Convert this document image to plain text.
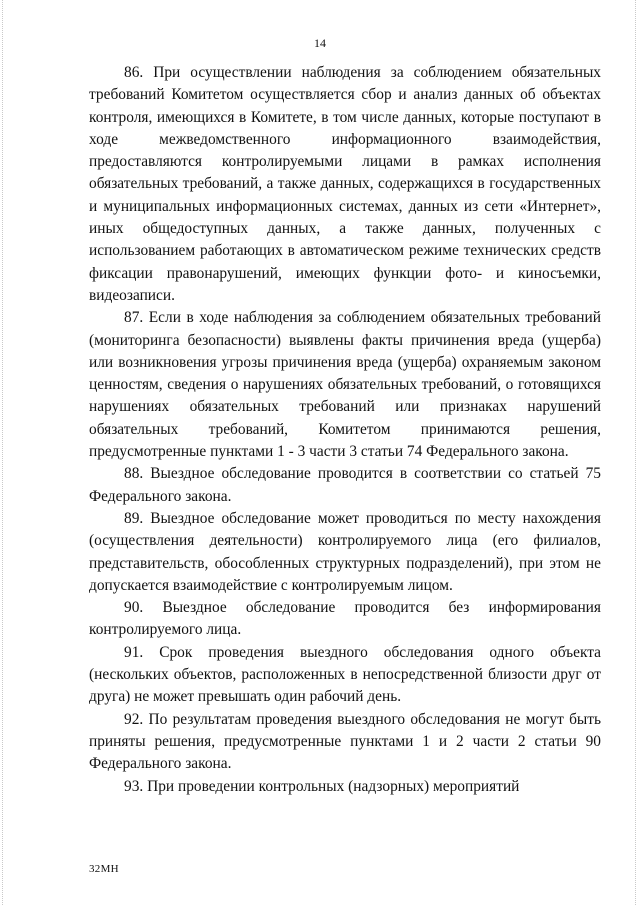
14

86. При осуществлении наблюдения за соблюдением обязательных требований Комитетом осуществляется сбор и анализ данных об объектах контроля, имеющихся в Комитете, в том числе данных, которые поступают в ходе межведомственного информационного взаимодействия, предоставляются контролируемыми лицами в рамках исполнения обязательных требований, а также данных, содержащихся в государственных и муниципальных информационных системах, данных из сети «Интернет», иных общедоступных данных, а также данных, полученных с использованием работающих в автоматическом режиме технических средств фиксации правонарушений, имеющих функции фото- и киносъемки, видеозаписи.

87. Если в ходе наблюдения за соблюдением обязательных требований (мониторинга безопасности) выявлены факты причинения вреда (ущерба) или возникновения угрозы причинения вреда (ущерба) охраняемым законом ценностям, сведения о нарушениях обязательных требований, о готовящихся нарушениях обязательных требований или признаках нарушений обязательных требований, Комитетом принимаются решения, предусмотренные пунктами 1 - 3 части 3 статьи 74 Федерального закона.

88. Выездное обследование проводится в соответствии со статьей 75 Федерального закона.

89. Выездное обследование может проводиться по месту нахождения (осуществления деятельности) контролируемого лица (его филиалов, представительств, обособленных структурных подразделений), при этом не допускается взаимодействие с контролируемым лицом.

90. Выездное обследование проводится без информирования контролируемого лица.

91. Срок проведения выездного обследования одного объекта (нескольких объектов, расположенных в непосредственной близости друг от друга) не может превышать один рабочий день.

92. По результатам проведения выездного обследования не могут быть приняты решения, предусмотренные пунктами 1 и 2 части 2 статьи 90 Федерального закона.

93. При проведении контрольных (надзорных) мероприятий

32МН
